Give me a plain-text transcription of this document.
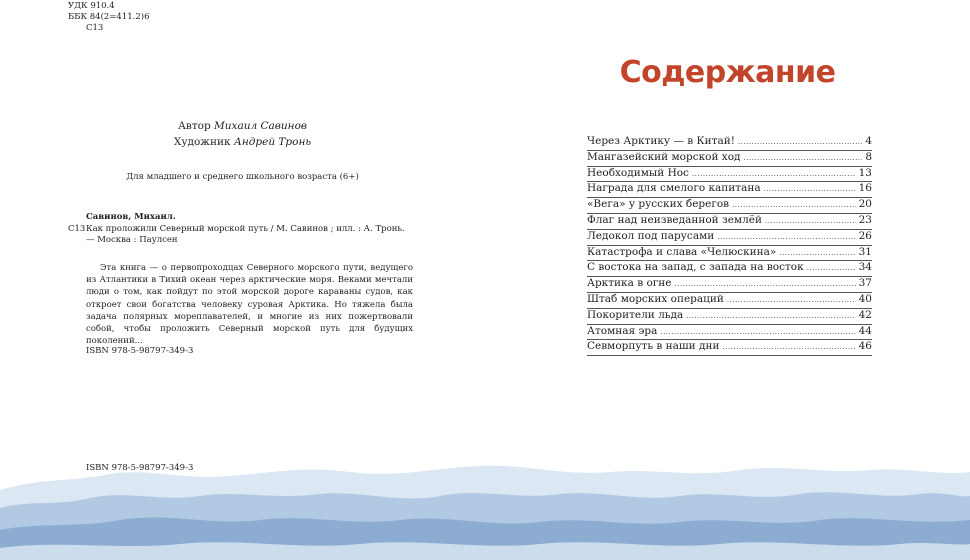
УДК 910.4
ББК 84(2=411.2)6
С13
Автор Михаил Савинов
Художник Андрей Тронь
Для младшего и среднего школьного возраста (6+)
Савинов, Михаил.
С13 Как проложили Северный морской путь / М. Савинов ; илл. : А. Тронь. — Москва : Паулсен
Эта книга — о первопроходцах Северного морского пути, ведущего из Атлантики в Тихий океан через арктические моря. Веками мечтали люди о том, как пойдут по этой морской дороге караваны судов, как откроет свои богатства человеку суровая Арктика. Но тяжела была задача полярных мореплавателей, и многие из них пожертвовали собой, чтобы проложить Северный морской путь для будущих поколений...
ISBN 978-5-98797-349-3
ISBN 978-5-98797-349-3
Содержание
Через Арктику — в Китай! .....	4
Мангазейский морской ход .....	8
Необходимый Нос .....	13
Награда для смелого капитана .....	16
«Вега» у русских берегов .....	20
Флаг над неизведанной землёй .....	23
Ледокол под парусами .....	26
Катастрофа и слава «Челюскина» .....	31
С востока на запад, с запада на восток .....	34
Арктика в огне .....	37
Штаб морских операций .....	40
Покорители льда .....	42
Атомная эра .....	44
Севморпуть в наши дни .....	46
